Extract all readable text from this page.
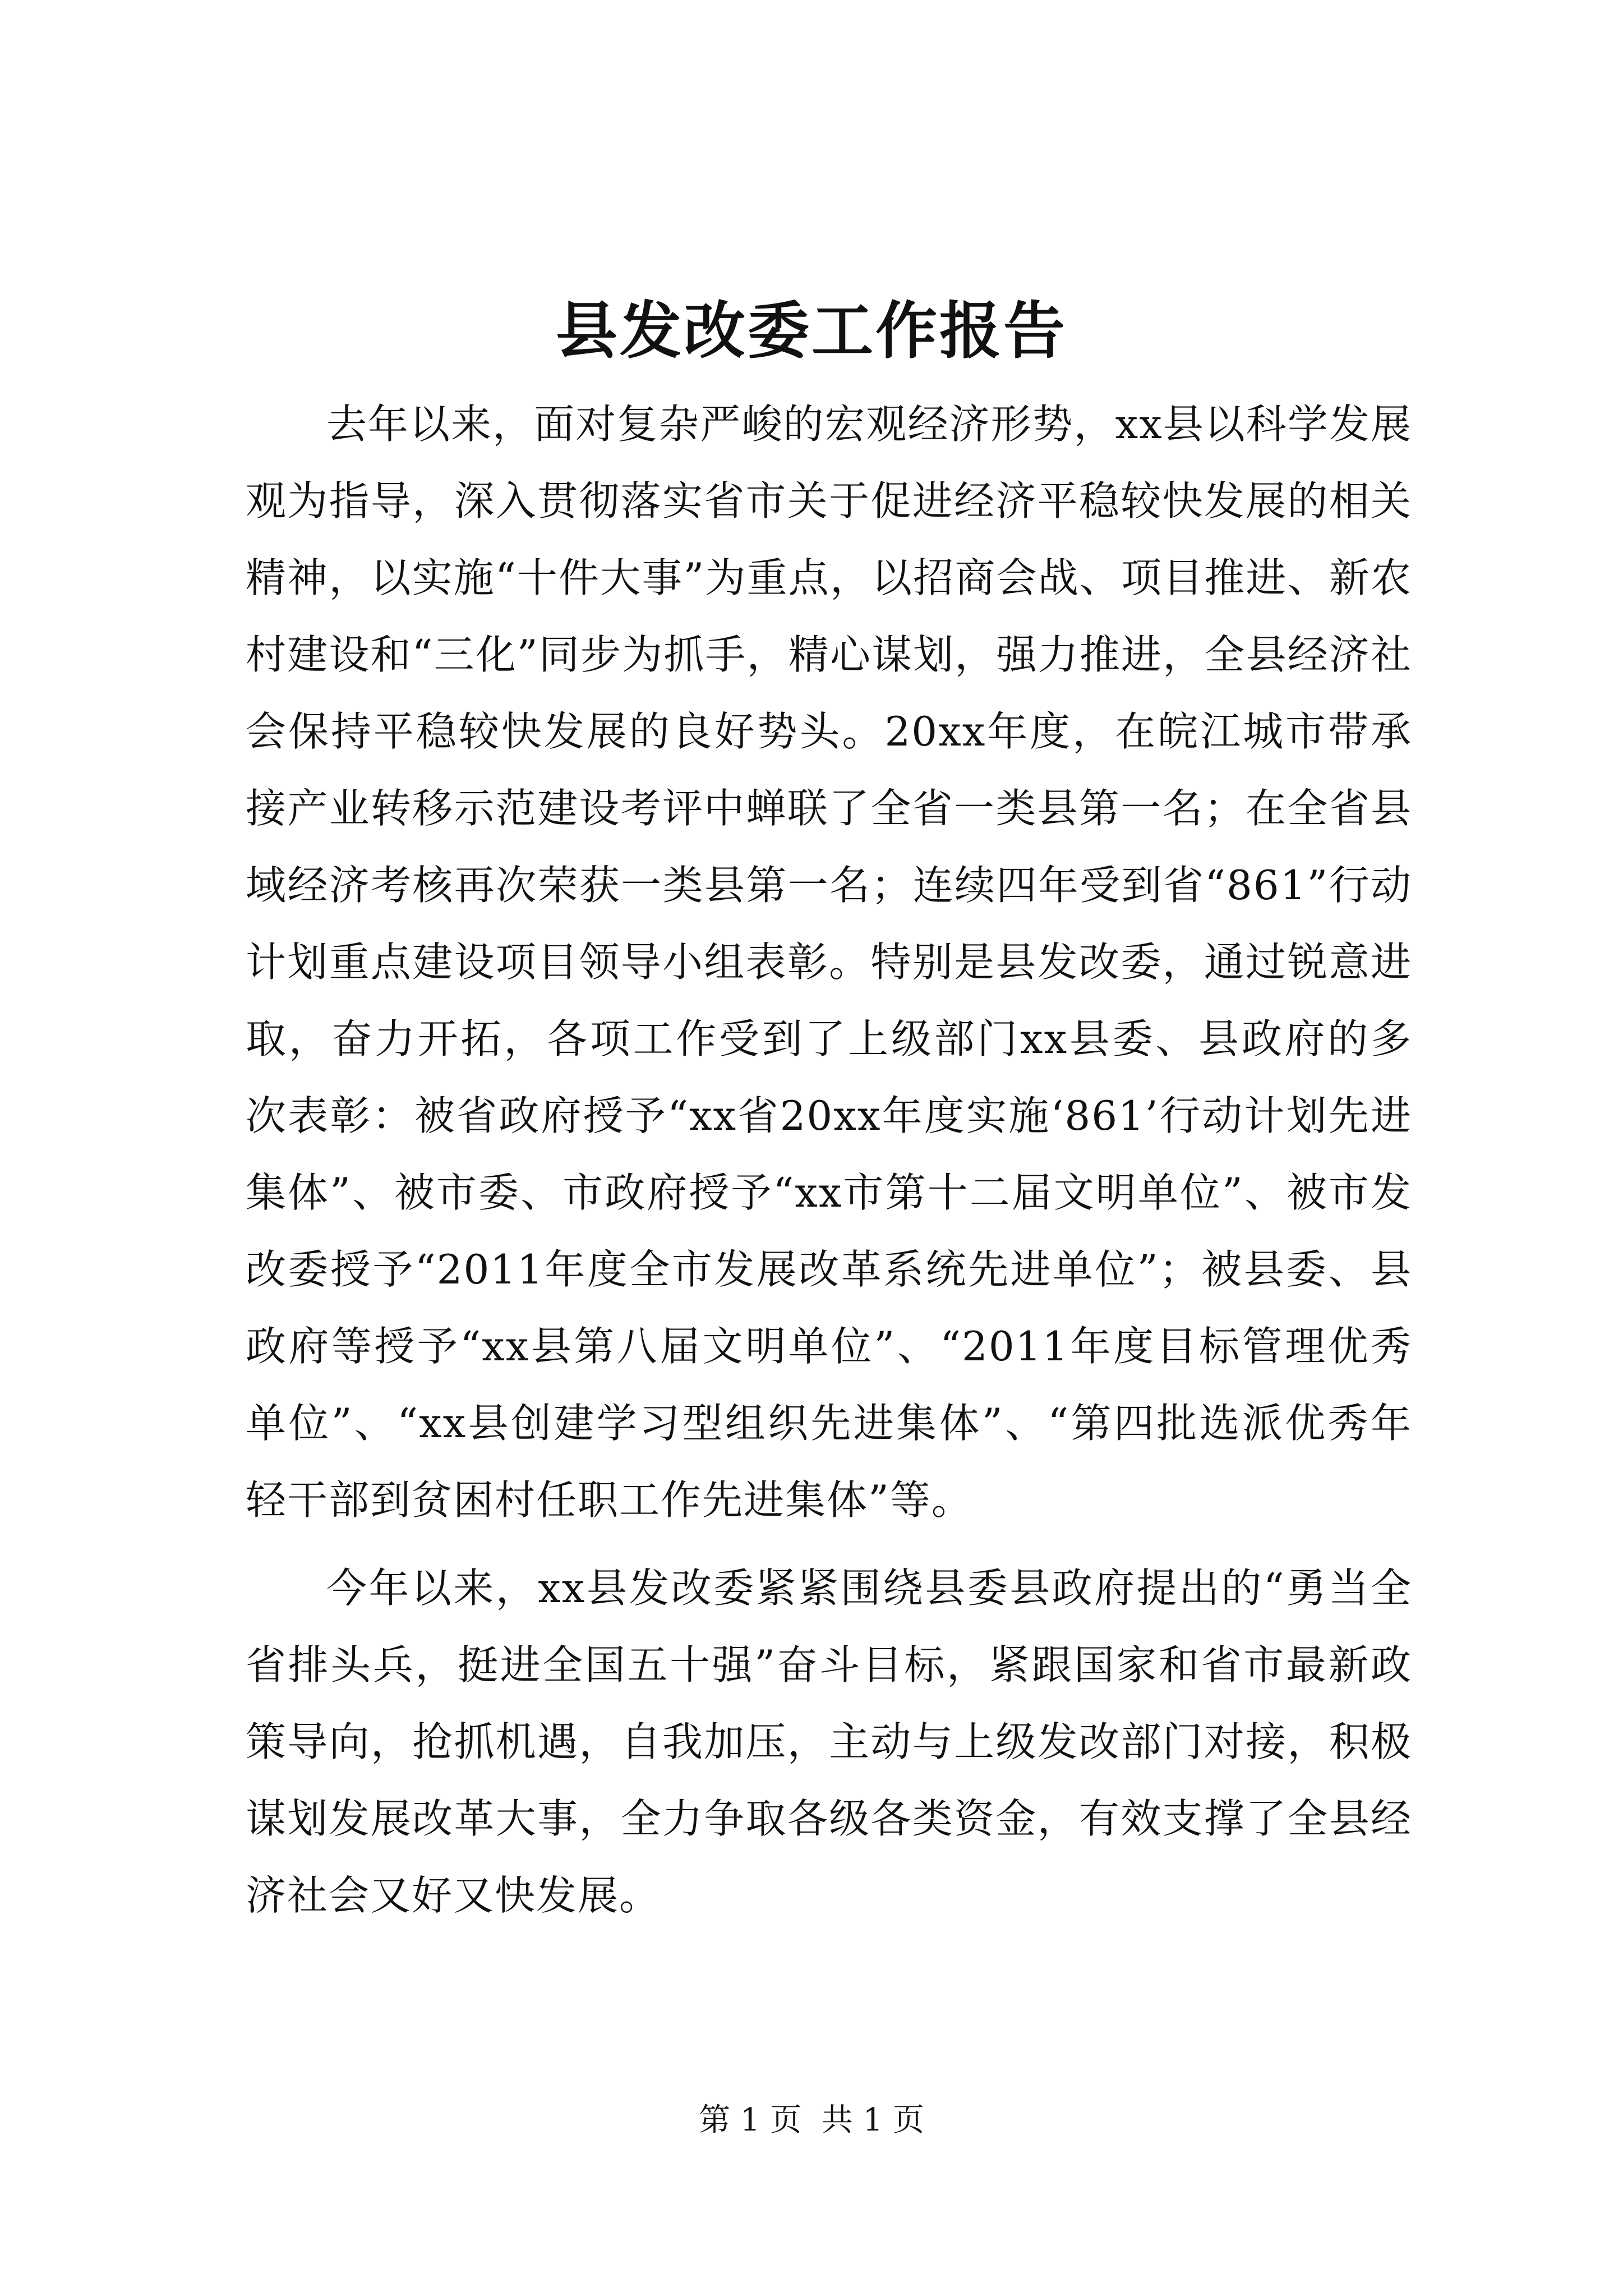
县发改委工作报告

去年以来，面对复杂严峻的宏观经济形势，xx县以科学发展观为指导，深入贯彻落实省市关于促进经济平稳较快发展的相关精神，以实施“十件大事”为重点，以招商会战、项目推进、新农村建设和“三化”同步为抓手，精心谋划，强力推进，全县经济社会保持平稳较快发展的良好势头。20xx年度，在皖江城市带承接产业转移示范建设考评中蝉联了全省一类县第一名；在全省县域经济考核再次荣获一类县第一名；连续四年受到省“861”行动计划重点建设项目领导小组表彰。特别是县发改委，通过锐意进取，奋力开拓，各项工作受到了上级部门xx县委、县政府的多次表彰：被省政府授予“xx省20xx年度实施‘861’行动计划先进集体”、被市委、市政府授予“xx市第十二届文明单位”、被市发改委授予“2011年度全市发展改革系统先进单位”；被县委、县政府等授予“xx县第八届文明单位”、“2011年度目标管理优秀单位”、“xx县创建学习型组织先进集体”、“第四批选派优秀年轻干部到贫困村任职工作先进集体”等。

今年以来，xx县发改委紧紧围绕县委县政府提出的“勇当全省排头兵，挺进全国五十强”奋斗目标，紧跟国家和省市最新政策导向，抢抓机遇，自我加压，主动与上级发改部门对接，积极谋划发展改革大事，全力争取各级各类资金，有效支撑了全县经济社会又好又快发展。

第 1 页  共 1 页
